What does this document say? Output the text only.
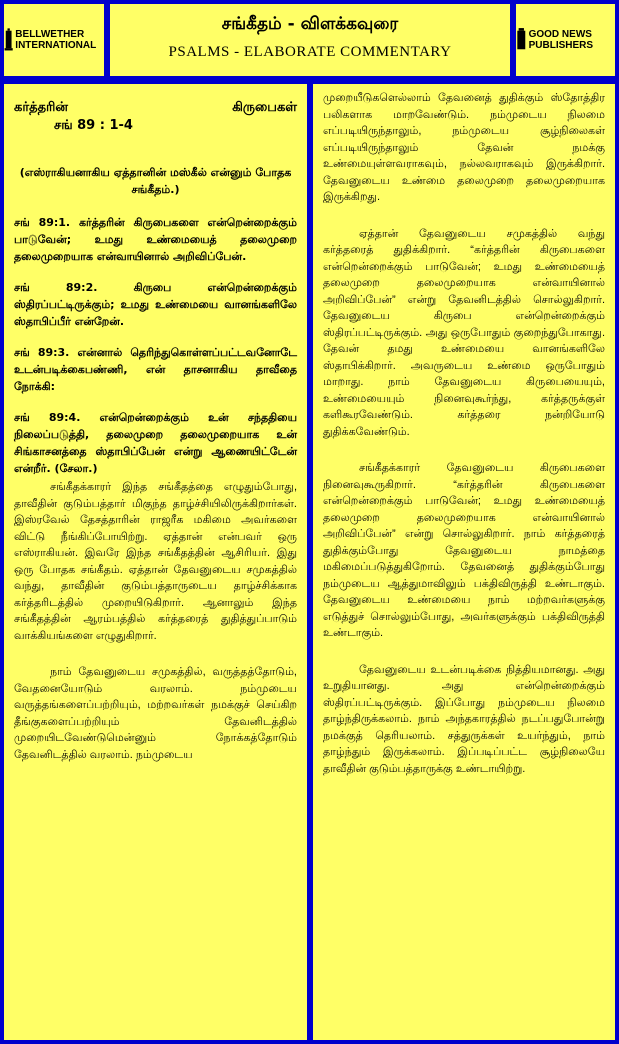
BELLWETHER INTERNATIONAL
சங்கீதம் - விளக்கவுரை
PSALMS - ELABORATE COMMENTARY
GOOD NEWS PUBLISHERS
கர்த்தரின்	கிருபைகள்
சங் 89 : 1-4

(எஸ்ராகியனாகிய ஏத்தானின் மஸ்கீல் என்னும் போதக சங்கீதம்.)

சங் 89:1. கர்த்தரின் கிருபைகளை என்றென்றைக்கும் பாடுவேன்; உமது உண்மையைத் தலைமுறை தலைமுறையாக என்வாயினால் அறிவிப்பேன்.

சங் 89:2. கிருபை என்றென்றைக்கும் ஸ்திரப்பட்டிருக்கும்; உமது உண்மையை வானங்களிலே ஸ்தாபிப்பீர் என்றேன்.

சங் 89:3. என்னால் தெரிந்துகொள்ளப்பட்டவனோடே உடன்படிக்கைபண்ணி, என் தாசனாகிய தாவீதை நோக்கி:

சங் 89:4. என்றென்றைக்கும் உன் சந்ததியை நிலைப்படுத்தி, தலைமுறை தலைமுறையாக உன் சிங்காசனத்தை ஸ்தாபிப்பேன் என்று ஆணையிட்டேன் என்றீர். (சேலா.)

சங்கீதக்காரர் இந்த சங்கீதத்தை எழுதும்போது, தாவீதின் குடும்பத்தார் மிகுந்த தாழ்ச்சியிலிருக்கிறார்கள். இஸ்ரவேல் தேசத்தாரின் ராஜரீக மகிமை அவர்களை விட்டு நீங்கிப்போயிற்று. ஏத்தான் என்பவர் ஒரு எஸ்ராகியன். இவரே இந்த சங்கீதத்தின் ஆசிரியர். இது ஒரு போதக சங்கீதம். ஏத்தான் தேவனுடைய சமுகத்தில் வந்து, தாவீதின் குடும்பத்தாருடைய தாழ்ச்சிக்காக கர்த்தரிடத்தில் முறையிடுகிறார். ஆனாலும் இந்த சங்கீதத்தின் ஆரம்பத்தில் கர்த்தரைத் துதித்துப்பாடும் வாக்கியங்களை எழுதுகிறார்.

நாம் தேவனுடைய சமுகத்தில், வருத்தத்தோடும், வேதனையோடும் வரலாம். நம்முடைய வருத்தங்களைப்பற்றியும், மற்றவர்கள் நமக்குச் செய்கிற தீங்குகளைப்பற்றியும் தேவனிடத்தில் முறையிடவேண்டுமென்னும் நோக்கத்தோடும் தேவனிடத்தில் வரலாம். நம்முடைய

முறையீடுகளெல்லாம் தேவனைத் துதிக்கும் ஸ்தோத்திர பலிகளாக மாறவேண்டும். நம்முடைய நிலமை எப்படியிருந்தாலும், நம்முடைய சூழ்நிலைகள் எப்படியிருந்தாலும் தேவன் நமக்கு உண்மையுள்ளவராகவும், நல்லவராகவும் இருக்கிறார். தேவனுடைய உண்மை தலைமுறை தலைமுறையாக இருக்கிறது.

ஏத்தான் தேவனுடைய சமுகத்தில் வந்து கர்த்தரைத் துதிக்கிறார். “கர்த்தரின் கிருபைகளை என்றென்றைக்கும் பாடுவேன்; உமது உண்மையைத் தலைமுறை தலைமுறையாக என்வாயினால் அறிவிப்பேன்” என்று தேவனிடத்தில் சொல்லுகிறார். தேவனுடைய கிருபை என்றென்றைக்கும் ஸ்திரப்பட்டிருக்கும். அது ஒருபோதும் குறைந்துபோகாது. தேவன் தமது உண்மையை வானங்களிலே ஸ்தாபிக்கிறார். அவருடைய உண்மை ஒருபோதும் மாறாது. நாம் தேவனுடைய கிருபையையும், உண்மையையும் நினைவுகூர்ந்து, கர்த்தருக்குள் களிகூரவேண்டும். கர்த்தரை நன்றியோடு துதிக்கவேண்டும்.

சங்கீதக்காரர் தேவனுடைய கிருபைகளை நினைவுகூருகிறார். “கர்த்தரின் கிருபைகளை என்றென்றைக்கும் பாடுவேன்; உமது உண்மையைத் தலைமுறை தலைமுறையாக என்வாயினால் அறிவிப்பேன்” என்று சொல்லுகிறார். நாம் கர்த்தரைத் துதிக்கும்போது தேவனுடைய நாமத்தை மகிமைப்படுத்துகிறோம். தேவனைத் துதிக்கும்போது நம்முடைய ஆத்துமாவிலும் பக்திவிருத்தி உண்டாகும். தேவனுடைய உண்மையை நாம் மற்றவர்களுக்கு எடுத்துச் சொல்லும்போது, அவர்களுக்கும் பக்திவிருத்தி உண்டாகும்.

தேவனுடைய உடன்படிக்கை நித்தியமானது. அது உறுதியானது. அது என்றென்றைக்கும் ஸ்திரப்பட்டிருக்கும். இப்போது நம்முடைய நிலமை தாழ்ந்திருக்கலாம். நாம் அந்தகாரத்தில் நடப்பதுபோன்று நமக்குத் தெரியலாம். சத்துருக்கள் உயர்ந்தும், நாம் தாழ்ந்தும் இருக்கலாம். இப்படிப்பட்ட சூழ்நிலையே தாவீதின் குடும்பத்தாருக்கு உண்டாயிற்று.
